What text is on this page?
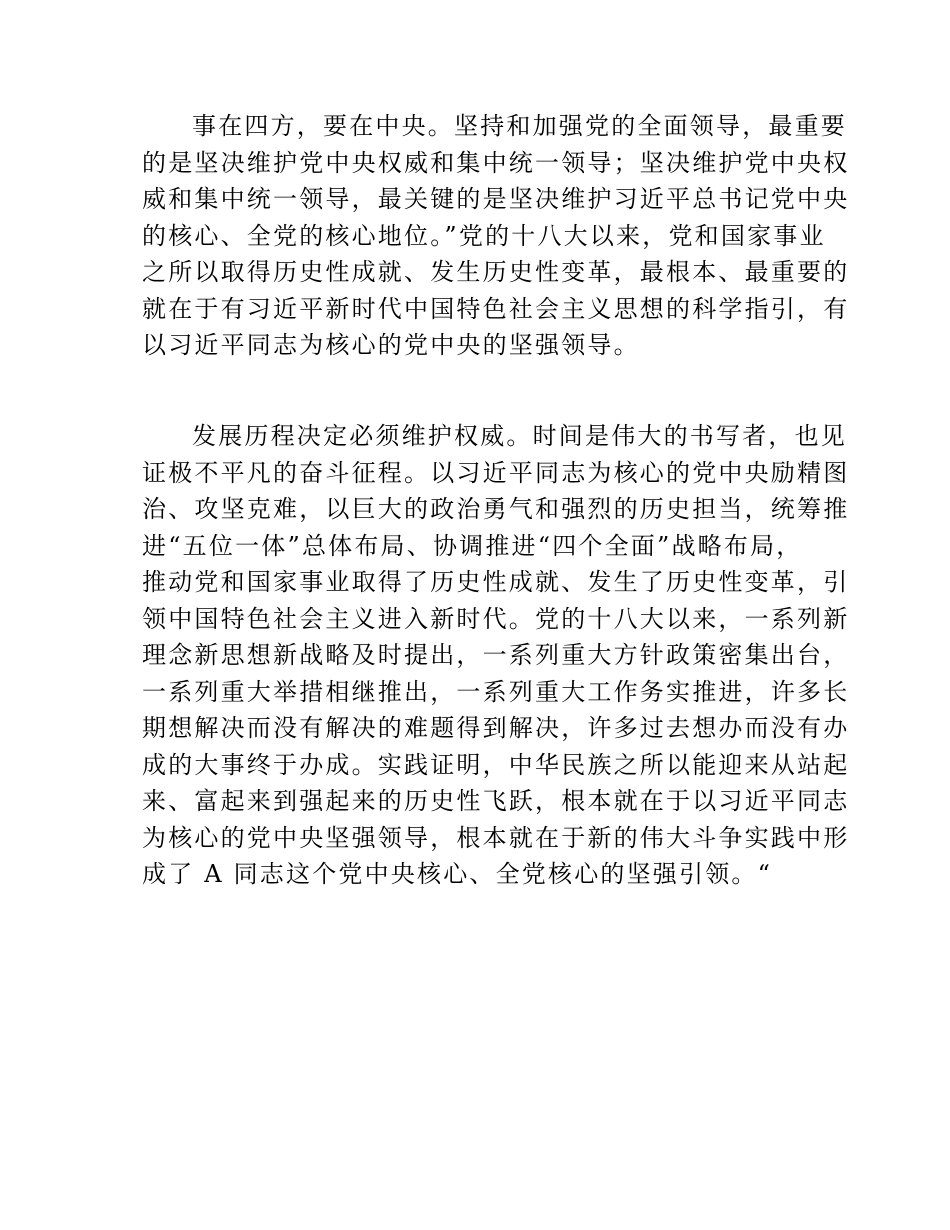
事在四方，要在中央。坚持和加强党的全面领导，最重要
的是坚决维护党中央权威和集中统一领导；坚决维护党中央权
威和集中统一领导，最关键的是坚决维护习近平总书记党中央
的核心、全党的核心地位。”党的十八大以来，党和国家事业
之所以取得历史性成就、发生历史性变革，最根本、最重要的
就在于有习近平新时代中国特色社会主义思想的科学指引，有
以习近平同志为核心的党中央的坚强领导。
发展历程决定必须维护权威。时间是伟大的书写者，也见
证极不平凡的奋斗征程。以习近平同志为核心的党中央励精图
治、攻坚克难，以巨大的政治勇气和强烈的历史担当，统筹推
进“五位一体”总体布局、协调推进“四个全面”战略布局，
推动党和国家事业取得了历史性成就、发生了历史性变革，引
领中国特色社会主义进入新时代。党的十八大以来，一系列新
理念新思想新战略及时提出，一系列重大方针政策密集出台，
一系列重大举措相继推出，一系列重大工作务实推进，许多长
期想解决而没有解决的难题得到解决，许多过去想办而没有办
成的大事终于办成。实践证明，中华民族之所以能迎来从站起
来、富起来到强起来的历史性飞跃，根本就在于以习近平同志
为核心的党中央坚强领导，根本就在于新的伟大斗争实践中形
成了 A 同志这个党中央核心、全党核心的坚强引领。“
